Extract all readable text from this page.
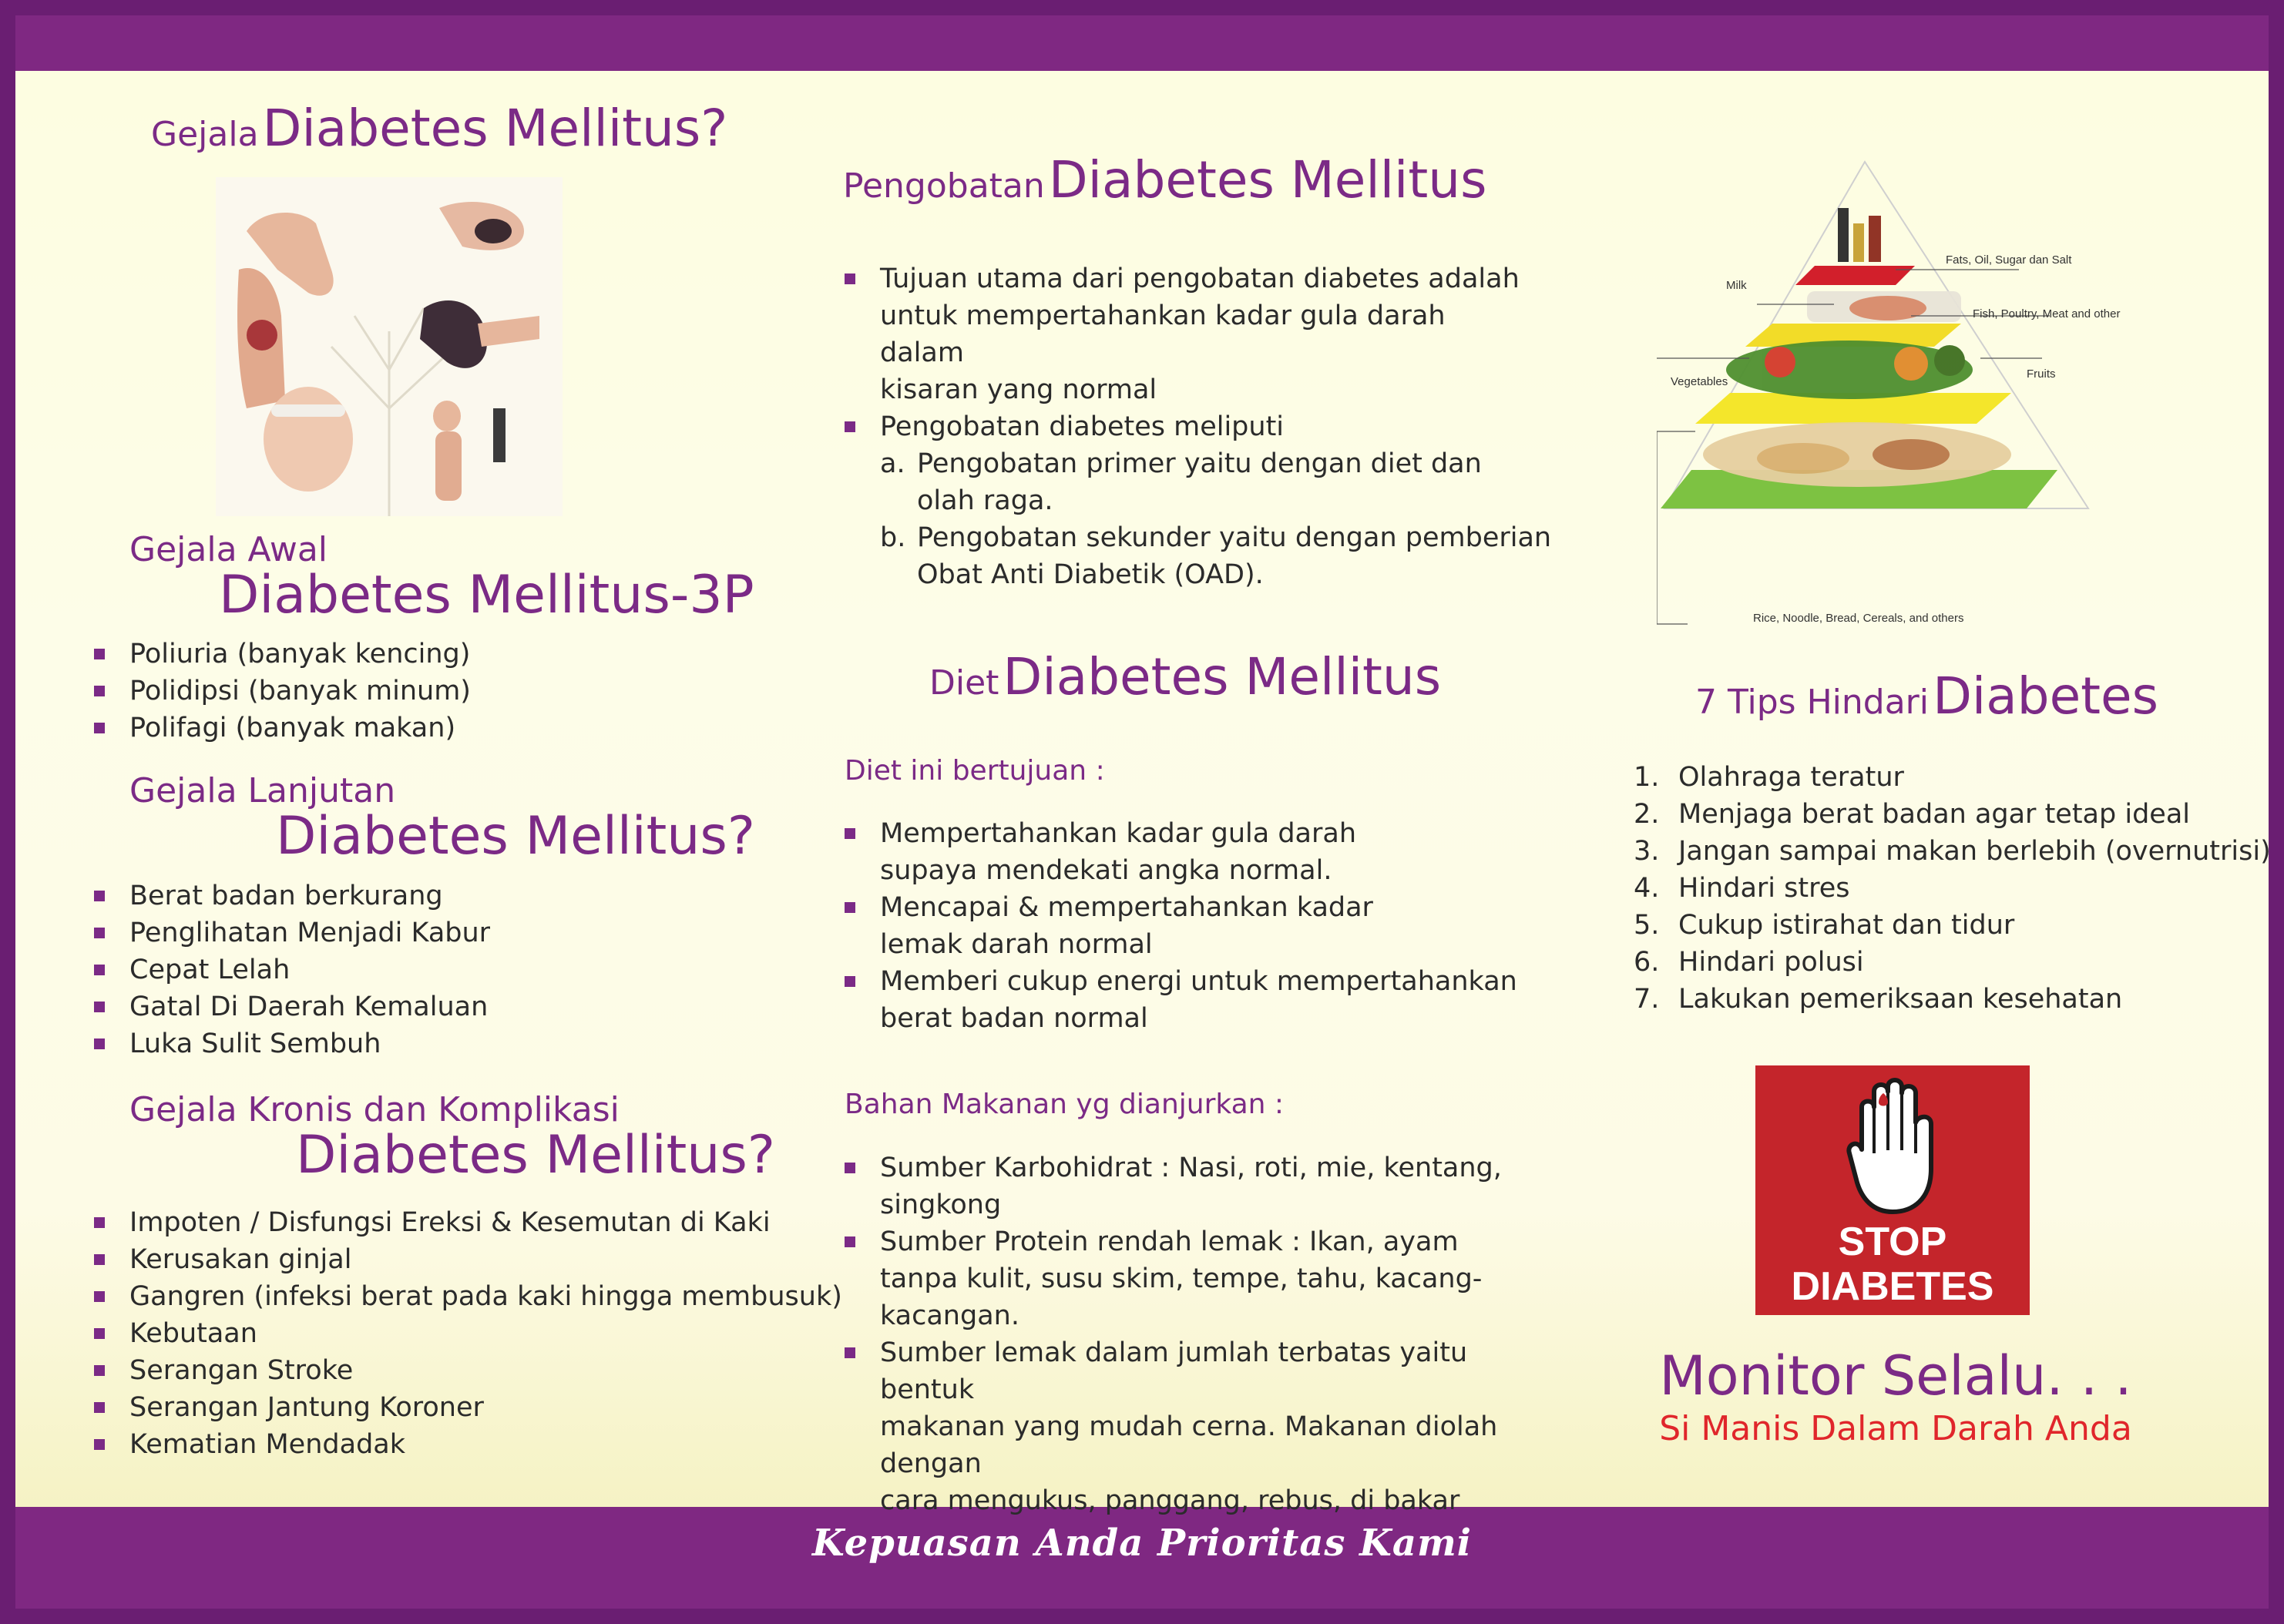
Kepuasan Anda Prioritas Kami
Gejala Diabetes Mellitus?
Gejala Awal
Diabetes Mellitus-3P
Poliuria (banyak kencing)
Polidipsi (banyak minum)
Polifagi (banyak makan)
Gejala Lanjutan
Diabetes Mellitus?
Berat badan berkurang
Penglihatan Menjadi Kabur
Cepat Lelah
Gatal Di Daerah Kemaluan
Luka Sulit Sembuh
Gejala Kronis dan Komplikasi
Diabetes Mellitus?
Impoten / Disfungsi Ereksi & Kesemutan di Kaki
Kerusakan ginjal
Gangren (infeksi berat pada kaki hingga membusuk)
Kebutaan
Serangan Stroke
Serangan Jantung Koroner
Kematian Mendadak
Pengobatan Diabetes Mellitus
Tujuan utama dari pengobatan diabetes adalah
untuk mempertahankan kadar gula darah dalam
kisaran yang normal
Pengobatan diabetes meliputi
a. Pengobatan primer yaitu dengan diet dan
olah raga.
b. Pengobatan sekunder yaitu dengan pemberian
Obat Anti Diabetik (OAD).
Diet Diabetes Mellitus
Diet ini bertujuan :
Mempertahankan kadar gula darah
supaya mendekati angka normal.
Mencapai & mempertahankan kadar
lemak darah normal
Memberi cukup energi untuk mempertahankan
berat badan normal
Bahan Makanan yg dianjurkan :
Sumber Karbohidrat : Nasi, roti, mie, kentang,
singkong
Sumber Protein rendah lemak : Ikan, ayam
tanpa kulit, susu skim, tempe, tahu, kacang-kacangan.
Sumber lemak dalam jumlah terbatas yaitu bentuk
makanan yang mudah cerna. Makanan diolah dengan
cara mengukus, panggang, rebus, di bakar
Fats, Oil, Sugar dan Salt
Milk
Fish, Poultry, Meat and other
Vegetables
Fruits
Rice, Noodle, Bread, Cereals, and others
7 Tips Hindari Diabetes
1. Olahraga teratur
2. Menjaga berat badan agar tetap ideal
3. Jangan sampai makan berlebih (overnutrisi)
4. Hindari stres
5. Cukup istirahat dan tidur
6. Hindari polusi
7. Lakukan pemeriksaan kesehatan
STOP
DIABETES
Monitor Selalu. . .
Si Manis Dalam Darah Anda
